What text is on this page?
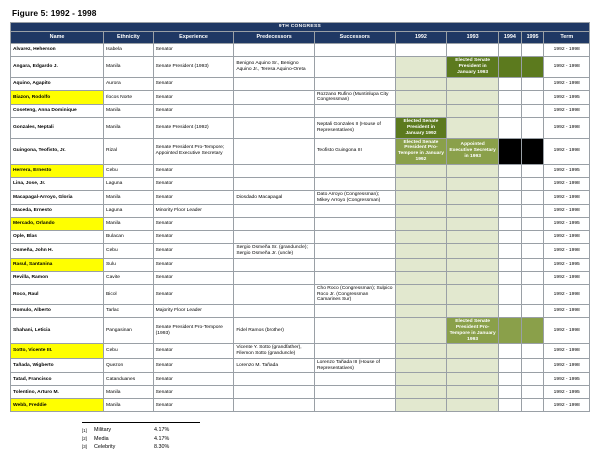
Figure 5: 1992 - 1998
9TH CONGRESS									
Name	Ethnicity	Experience	Predecessors	Successors	1992	1993	1994	1995	Term
Alvarez, Heherson	Isabela	Senator							1992 - 1998
Angara, Edgardo J.	Manila	Senate President (1993)	Benigno Aquino Sr., Benigno Aquino Jr., Teresa Aquino-Oreta			Elected Senate President in January 1993			1992 - 1998
Aquino, Agapito	Aurora	Senator							1992 - 1998
Biazon, Rodolfo	Ilocos Norte	Senator		Rozzano Rufino (Muntinlupa City Congressman)					1992 - 1995
Coseteng, Anna Dominique	Manila	Senator							1992 - 1998
Gonzales, Neptali	Manila	Senate President (1992)		Neptali Gonzales II (House of Representatives)	Elected Senate President in January 1992				1992 - 1998
Guingona, Teofisto, Jr.	Rizal	Senate President Pro-Tempore; Appointed Executive Secretary		Teofisto Guingona III	Elected Senate President Pro-Tempore in January 1992	Appointed Executive Secretary in 1993			1992 - 1998
Herrera, Ernesto	Cebu	Senator							1992 - 1995
Lina, Jose, Jr.	Laguna	Senator							1992 - 1998
Macapagal-Arroyo, Gloria	Manila	Senator	Diosdado Macapagal	Dato Arroyo (Congressman); Mikey Arroyo (Congressman)					1992 - 1998
Maceda, Ernesto	Laguna	Minority Floor Leader							1992 - 1998
Mercado, Orlando	Manila	Senator							1992 - 1995
Ople, Blas	Bulacan	Senator							1992 - 1998
Osmeña, John H.	Cebu	Senator	Sergio Osmeña Sr. (granduncle); Sergio Osmeña Jr. (uncle)						1992 - 1998
Rasul, Santanina	Sulu	Senator							1992 - 1995
Revilla, Ramon	Cavite	Senator							1992 - 1998
Roco, Raul	Bicol	Senator		Cho Roco (Congressman); Sulpico Roco Jr. (Congressman Camarines Sur)					1992 - 1998
Romulo, Alberto	Tarlac	Majority Floor Leader							1992 - 1998
Shahani, Leticia	Pangasinan	Senate President Pro-Tempore (1993)	Fidel Ramos (brother)			Elected Senate President Pro-Tempore in January 1993			1992 - 1998
Sotto, Vicente III.	Cebu	Senator	Vicente Y. Sotto (grandfather), Filemon Sotto (granduncle)						1992 - 1998
Tañada, Wigberto	Quezon	Senator	Lorenzo M. Tañada	Lorenzo Tañada III (House of Representatives)					1992 - 1998
Tatad, Francisco	Catanduanes	Senator							1992 - 1995
Tolentino, Arturo M.	Manila	Senator							1992 - 1995
Webb, Freddie	Manila	Senator							1992 - 1998
[1]	Military	4.17%
[2]	Media	4.17%
[3]	Celebrity	8.30%
